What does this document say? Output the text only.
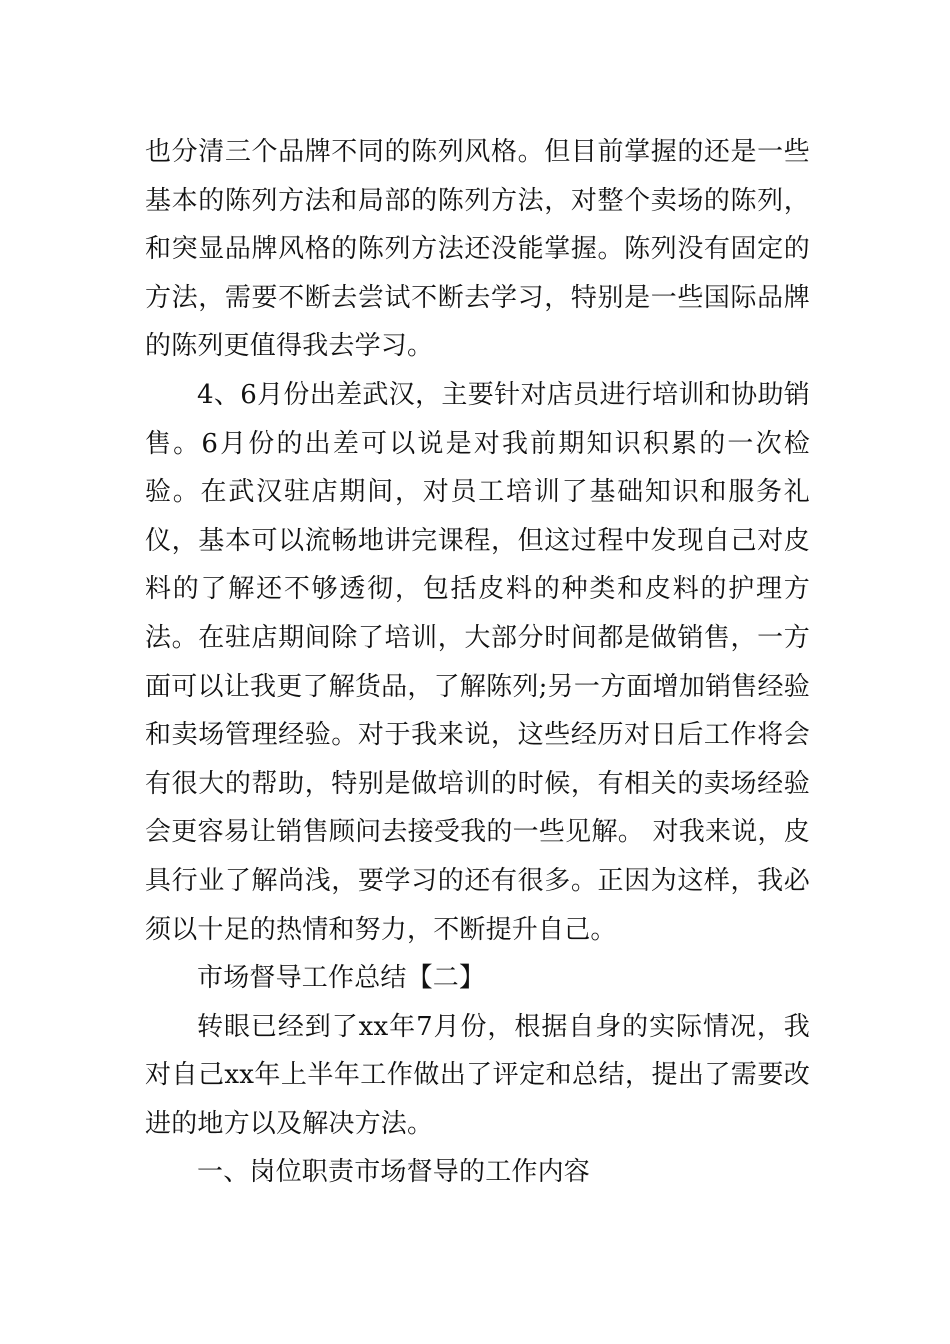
也分清三个品牌不同的陈列风格。但目前掌握的还是一些基本的陈列方法和局部的陈列方法，对整个卖场的陈列，和突显品牌风格的陈列方法还没能掌握。陈列没有固定的方法，需要不断去尝试不断去学习，特别是一些国际品牌的陈列更值得我去学习。

4、6月份出差武汉，主要针对店员进行培训和协助销售。6月份的出差可以说是对我前期知识积累的一次检验。在武汉驻店期间，对员工培训了基础知识和服务礼仪，基本可以流畅地讲完课程，但这过程中发现自己对皮料的了解还不够透彻，包括皮料的种类和皮料的护理方法。在驻店期间除了培训，大部分时间都是做销售，一方面可以让我更了解货品，了解陈列;另一方面增加销售经验和卖场管理经验。对于我来说，这些经历对日后工作将会有很大的帮助，特别是做培训的时候，有相关的卖场经验会更容易让销售顾问去接受我的一些见解。 对我来说，皮具行业了解尚浅，要学习的还有很多。正因为这样，我必须以十足的热情和努力，不断提升自己。

市场督导工作总结【二】

转眼已经到了xx年7月份，根据自身的实际情况，我对自己xx年上半年工作做出了评定和总结，提出了需要改进的地方以及解决方法。

一、岗位职责市场督导的工作内容
